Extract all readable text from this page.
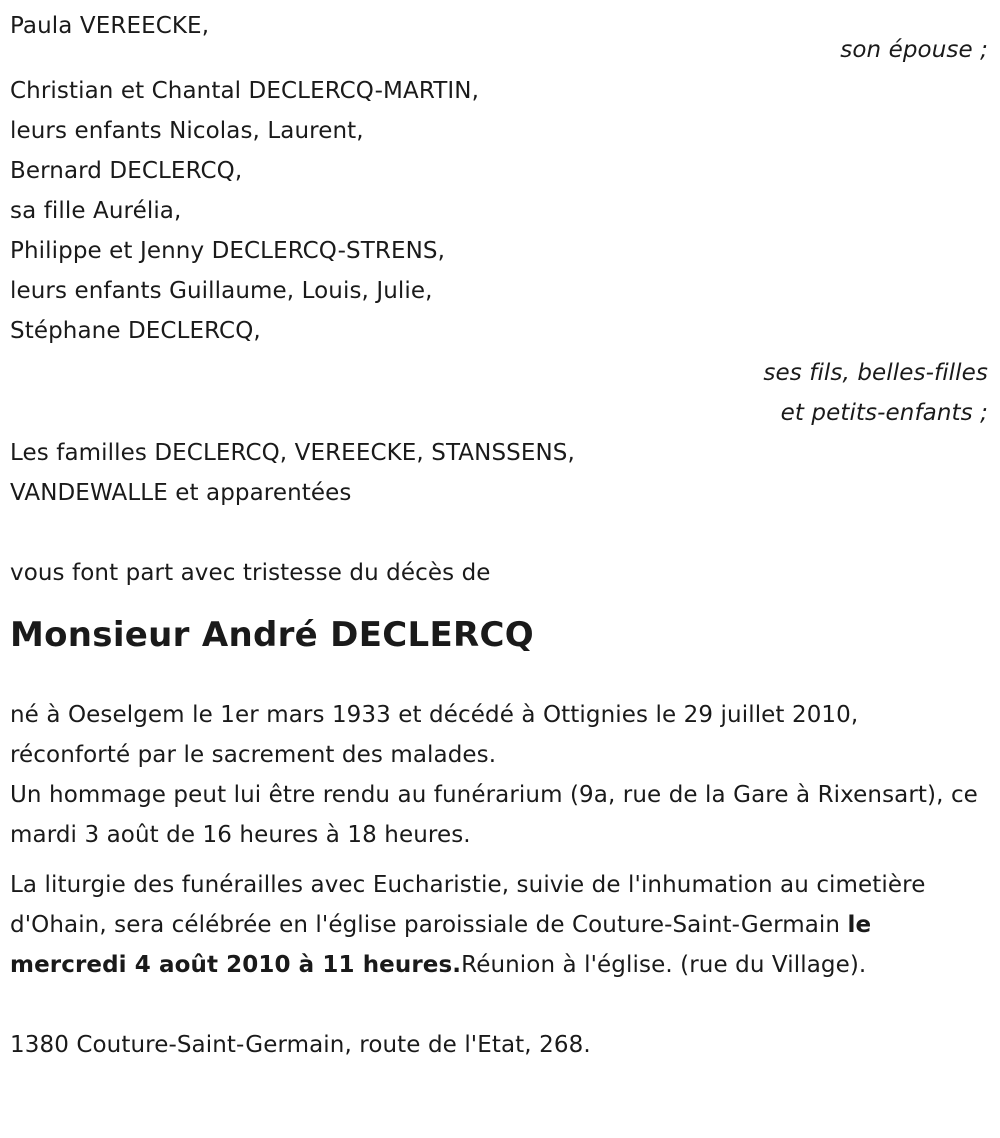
Paula VEREECKE,
son épouse ;
Christian et Chantal DECLERCQ-MARTIN,
leurs enfants Nicolas, Laurent,
Bernard DECLERCQ,
sa fille Aurélia,
Philippe et Jenny DECLERCQ-STRENS,
leurs enfants Guillaume, Louis, Julie,
Stéphane DECLERCQ,
ses fils, belles-filles
et petits-enfants ;
Les familles DECLERCQ, VEREECKE, STANSSENS,
VANDEWALLE et apparentées
vous font part avec tristesse du décès de
Monsieur André DECLERCQ
né à Oeselgem le 1er mars 1933 et décédé à Ottignies le 29 juillet 2010,
réconforté par le sacrement des malades.

Un hommage peut lui être rendu au funérarium (9a, rue de la Gare à Rixensart), ce mardi 3 août de 16 heures à 18 heures.

La liturgie des funérailles avec Eucharistie, suivie de l'inhumation au cimetière d'Ohain, sera célébrée en l'église paroissiale de Couture-Saint-Germain le mercredi 4 août 2010 à 11 heures.Réunion à l'église. (rue du Village).

1380 Couture-Saint-Germain, route de l'Etat, 268.
